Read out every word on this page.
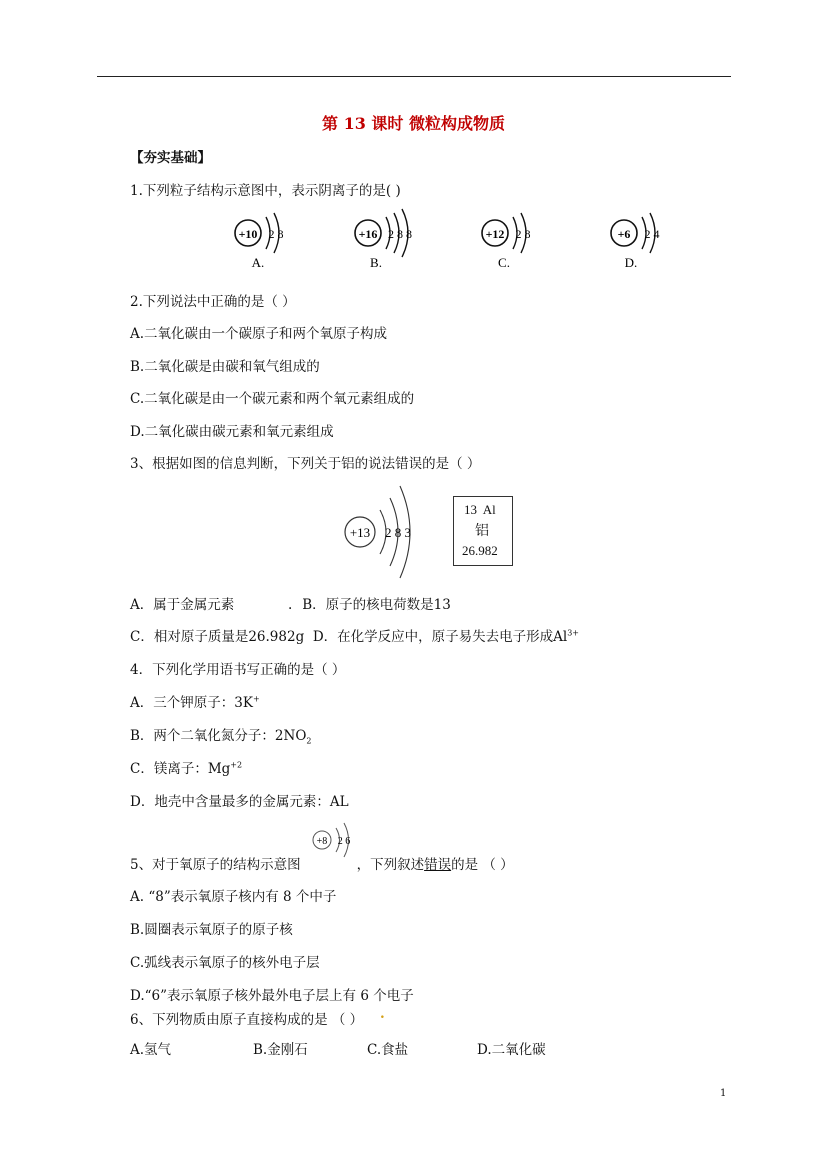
第 13 课时 微粒构成物质
【夯实基础】
1.下列粒子结构示意图中，表示阴离子的是( )
+10 2 8
A.
+16 2 8 8
B.
+12 2 8
C.
+6 2 4
D.
2.下列说法中正确的是（ ）
A.二氧化碳由一个碳原子和两个氧原子构成
B.二氧化碳是由碳和氧气组成的
C.二氧化碳是由一个碳元素和两个氧元素组成的
D.二氧化碳由碳元素和氧元素组成
3、根据如图的信息判断，下列关于铝的说法错误的是（ ）
+13 2 8 3
13 Al
铝
26.982
A．属于金属元素	. B．原子的核电荷数是13
C．相对原子质量是26.982g D．在化学反应中，原子易失去电子形成$Al^{3+}$
4．下列化学用语书写正确的是（ ）
A．三个钾原子：3K+
B．两个二氧化氮分子：$2NO_2$
C．镁离子：$Mg^{+2}$
D．地壳中含量最多的金属元素：AL
+8 2 6
5、对于氧原子的结构示意图	，下列叙述错误的是 （ ）
A. “8”表示氧原子核内有 8 个中子
B.圆圈表示氧原子的原子核
C.弧线表示氧原子的核外电子层
D.“6”表示氧原子核外最外电子层上有 6 个电子
6、下列物质由原子直接构成的是 （ ） .
A.氢气	B.金刚石	C.食盐	D.二氧化碳
1
